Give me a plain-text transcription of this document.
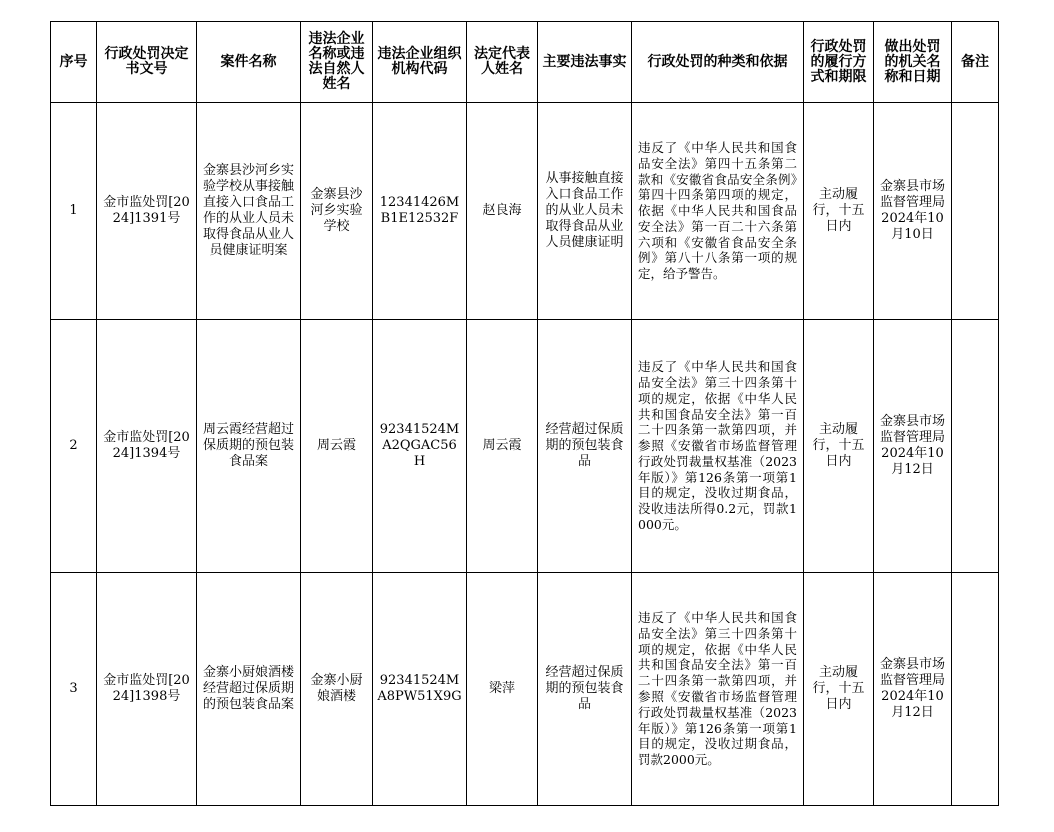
序号	行政处罚决定书文号	案件名称	违法企业名称或违法自然人姓名	违法企业组织机构代码	法定代表人姓名	主要违法事实	行政处罚的种类和依据	行政处罚的履行方式和期限	做出处罚的机关名称和日期	备注
1	金市监处罚[2024]1391号	金寨县沙河乡实验学校从事接触直接入口食品工作的从业人员未取得食品从业人员健康证明案	金寨县沙河乡实验学校	12341426MB1E12532F	赵良海	从事接触直接入口食品工作的从业人员未取得食品从业人员健康证明	违反了《中华人民共和国食品安全法》第四十五条第二款和《安徽省食品安全条例》第四十四条第四项的规定，依据《中华人民共和国食品安全法》第一百二十六条第六项和《安徽省食品安全条例》第八十八条第一项的规定，给予警告。	主动履行，十五日内	金寨县市场监督管理局2024年10月10日	
2	金市监处罚[2024]1394号	周云霞经营超过保质期的预包装食品案	周云霞	92341524MA2QGAC56H	周云霞	经营超过保质期的预包装食品	违反了《中华人民共和国食品安全法》第三十四条第十项的规定，依据《中华人民共和国食品安全法》第一百二十四条第一款第四项，并参照《安徽省市场监督管理行政处罚裁量权基准（2023年版）》第126条第一项第1目的规定，没收过期食品，没收违法所得0.2元，罚款1000元。	主动履行，十五日内	金寨县市场监督管理局2024年10月12日	
3	金市监处罚[2024]1398号	金寨小厨娘酒楼经营超过保质期的预包装食品案	金寨小厨娘酒楼	92341524MA8PW51X9G	梁萍	经营超过保质期的预包装食品	违反了《中华人民共和国食品安全法》第三十四条第十项的规定，依据《中华人民共和国食品安全法》第一百二十四条第一款第四项，并参照《安徽省市场监督管理行政处罚裁量权基准（2023年版）》第126条第一项第1目的规定，没收过期食品，罚款2000元。	主动履行，十五日内	金寨县市场监督管理局2024年10月12日	
